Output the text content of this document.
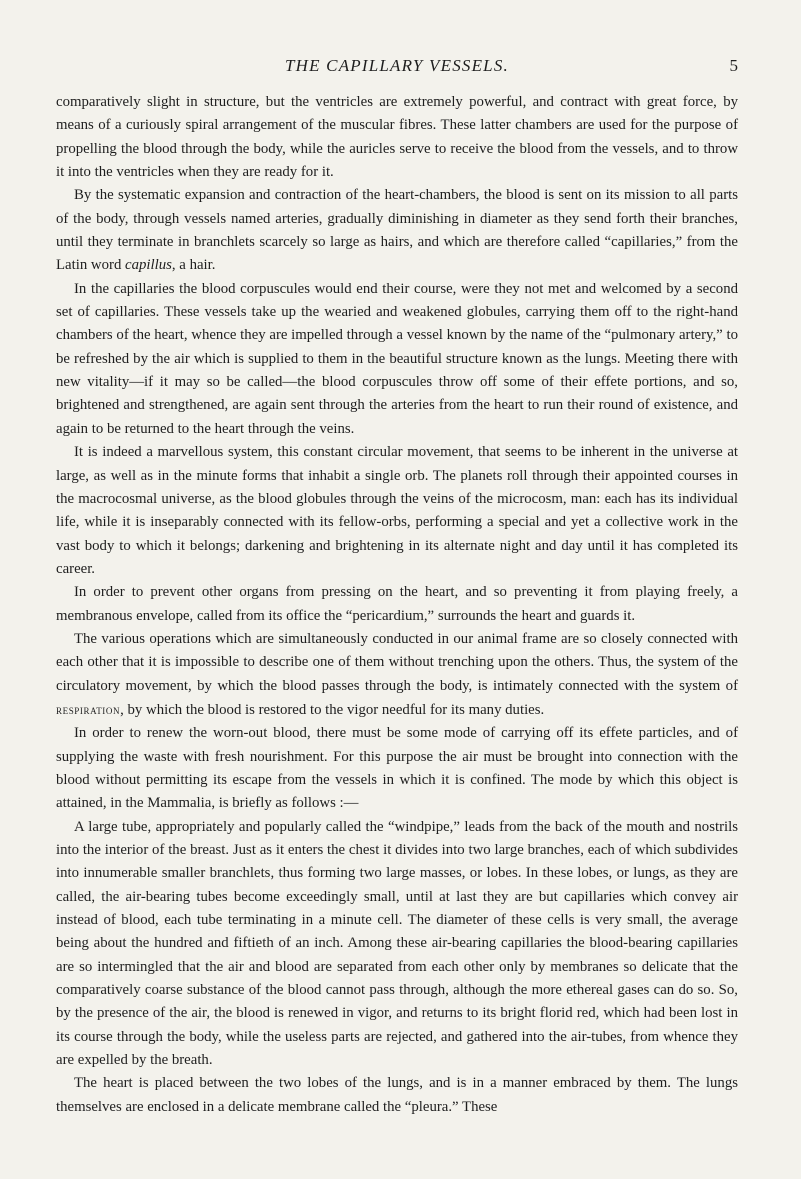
THE CAPILLARY VESSELS.	5

comparatively slight in structure, but the ventricles are extremely powerful, and contract with great force, by means of a curiously spiral arrangement of the muscular fibres. These latter chambers are used for the purpose of propelling the blood through the body, while the auricles serve to receive the blood from the vessels, and to throw it into the ventricles when they are ready for it.

By the systematic expansion and contraction of the heart-chambers, the blood is sent on its mission to all parts of the body, through vessels named arteries, gradually diminishing in diameter as they send forth their branches, until they terminate in branchlets scarcely so large as hairs, and which are therefore called “capillaries,” from the Latin word capillus, a hair.

In the capillaries the blood corpuscules would end their course, were they not met and welcomed by a second set of capillaries. These vessels take up the wearied and weakened globules, carrying them off to the right-hand chambers of the heart, whence they are impelled through a vessel known by the name of the “pulmonary artery,” to be refreshed by the air which is supplied to them in the beautiful structure known as the lungs. Meeting there with new vitality—if it may so be called—the blood corpuscules throw off some of their effete portions, and so, brightened and strengthened, are again sent through the arteries from the heart to run their round of existence, and again to be returned to the heart through the veins.

It is indeed a marvellous system, this constant circular movement, that seems to be inherent in the universe at large, as well as in the minute forms that inhabit a single orb. The planets roll through their appointed courses in the macrocosmal universe, as the blood globules through the veins of the microcosm, man: each has its individual life, while it is inseparably connected with its fellow-orbs, performing a special and yet a collective work in the vast body to which it belongs; darkening and brightening in its alternate night and day until it has completed its career.

In order to prevent other organs from pressing on the heart, and so preventing it from playing freely, a membranous envelope, called from its office the “pericardium,” surrounds the heart and guards it.

The various operations which are simultaneously conducted in our animal frame are so closely connected with each other that it is impossible to describe one of them without trenching upon the others. Thus, the system of the circulatory movement, by which the blood passes through the body, is intimately connected with the system of respiration, by which the blood is restored to the vigor needful for its many duties.

In order to renew the worn-out blood, there must be some mode of carrying off its effete particles, and of supplying the waste with fresh nourishment. For this purpose the air must be brought into connection with the blood without permitting its escape from the vessels in which it is confined. The mode by which this object is attained, in the Mammalia, is briefly as follows :—

A large tube, appropriately and popularly called the “windpipe,” leads from the back of the mouth and nostrils into the interior of the breast. Just as it enters the chest it divides into two large branches, each of which subdivides into innumerable smaller branchlets, thus forming two large masses, or lobes. In these lobes, or lungs, as they are called, the air-bearing tubes become exceedingly small, until at last they are but capillaries which convey air instead of blood, each tube terminating in a minute cell. The diameter of these cells is very small, the average being about the hundred and fiftieth of an inch. Among these air-bearing capillaries the blood-bearing capillaries are so intermingled that the air and blood are separated from each other only by membranes so delicate that the comparatively coarse substance of the blood cannot pass through, although the more ethereal gases can do so. So, by the presence of the air, the blood is renewed in vigor, and returns to its bright florid red, which had been lost in its course through the body, while the useless parts are rejected, and gathered into the air-tubes, from whence they are expelled by the breath.

The heart is placed between the two lobes of the lungs, and is in a manner embraced by them. The lungs themselves are enclosed in a delicate membrane called the “pleura.” These
